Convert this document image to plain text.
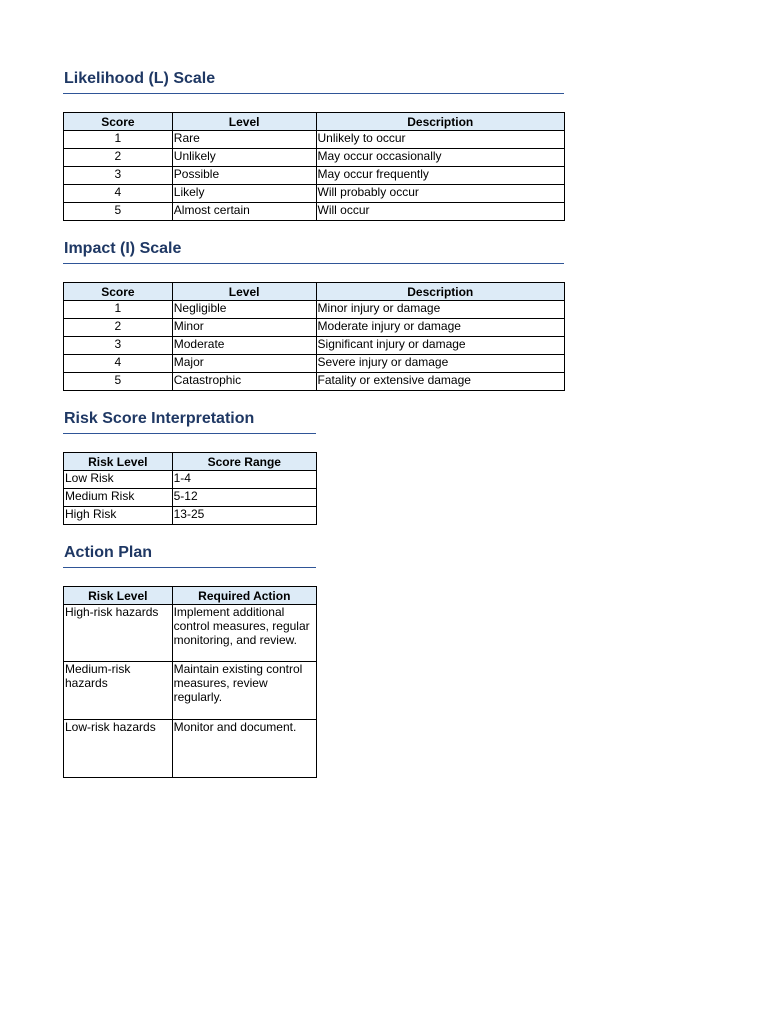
Likelihood (L) Scale
Score	Level	Description
1	Rare	Unlikely to occur
2	Unlikely	May occur occasionally
3	Possible	May occur frequently
4	Likely	Will probably occur
5	Almost certain	Will occur
Impact (I) Scale
Score	Level	Description
1	Negligible	Minor injury or damage
2	Minor	Moderate injury or damage
3	Moderate	Significant injury or damage
4	Major	Severe injury or damage
5	Catastrophic	Fatality or extensive damage
Risk Score Interpretation
Risk Level	Score Range
Low Risk	1-4
Medium Risk	5-12
High Risk	13-25
Action Plan
Risk Level	Required Action
High-risk hazards	Implement additional control measures, regular monitoring, and review.
Medium-risk hazards	Maintain existing control measures, review regularly.
Low-risk hazards	Monitor and document.
